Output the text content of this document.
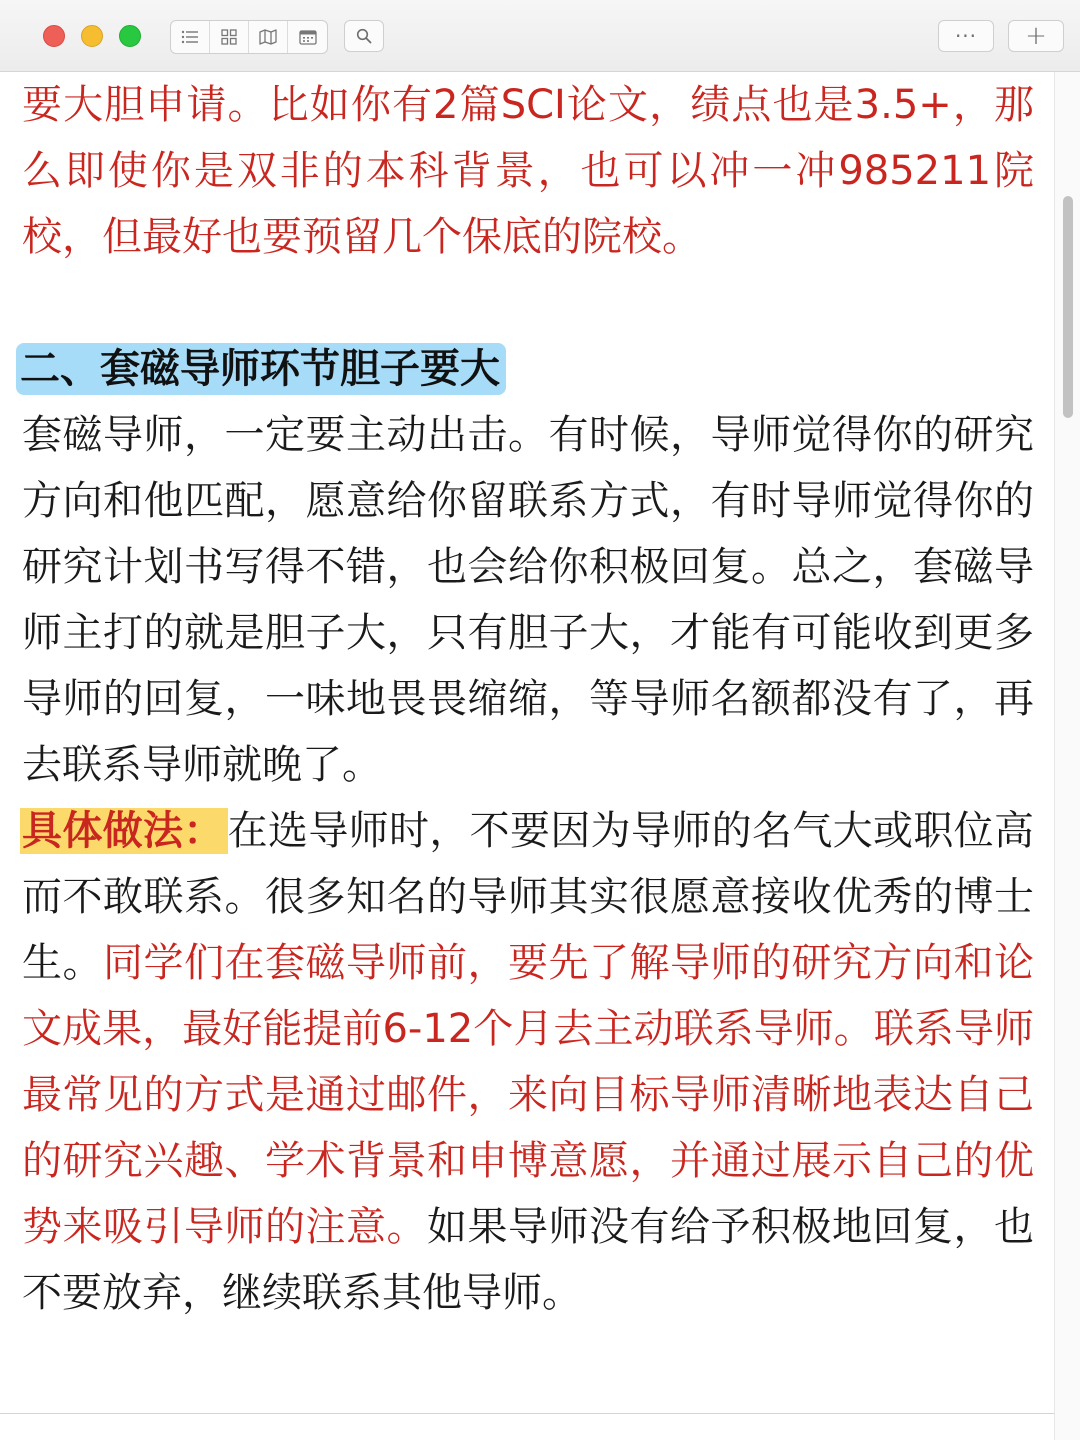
···	+
要大胆申请。比如你有2篇SCI论文，绩点也是3.5+，那
么即使你是双非的本科背景，也可以冲一冲985211院
校，但最好也要预留几个保底的院校。
二、套磁导师环节胆子要大
套磁导师，一定要主动出击。有时候，导师觉得你的研究
方向和他匹配，愿意给你留联系方式，有时导师觉得你的
研究计划书写得不错，也会给你积极回复。总之，套磁导
师主打的就是胆子大，只有胆子大，才能有可能收到更多
导师的回复，一味地畏畏缩缩，等导师名额都没有了，再
去联系导师就晚了。
具体做法： 在选导师时，不要因为导师的名气大或职位高
而不敢联系。很多知名的导师其实很愿意接收优秀的博士
生。同学们在套磁导师前，要先了解导师的研究方向和论
文成果，最好能提前6-12个月去主动联系导师。联系导师
最常见的方式是通过邮件，来向目标导师清晰地表达自己
的研究兴趣、学术背景和申博意愿，并通过展示自己的优
势来吸引导师的注意。如果导师没有给予积极地回复，也
不要放弃，继续联系其他导师。
